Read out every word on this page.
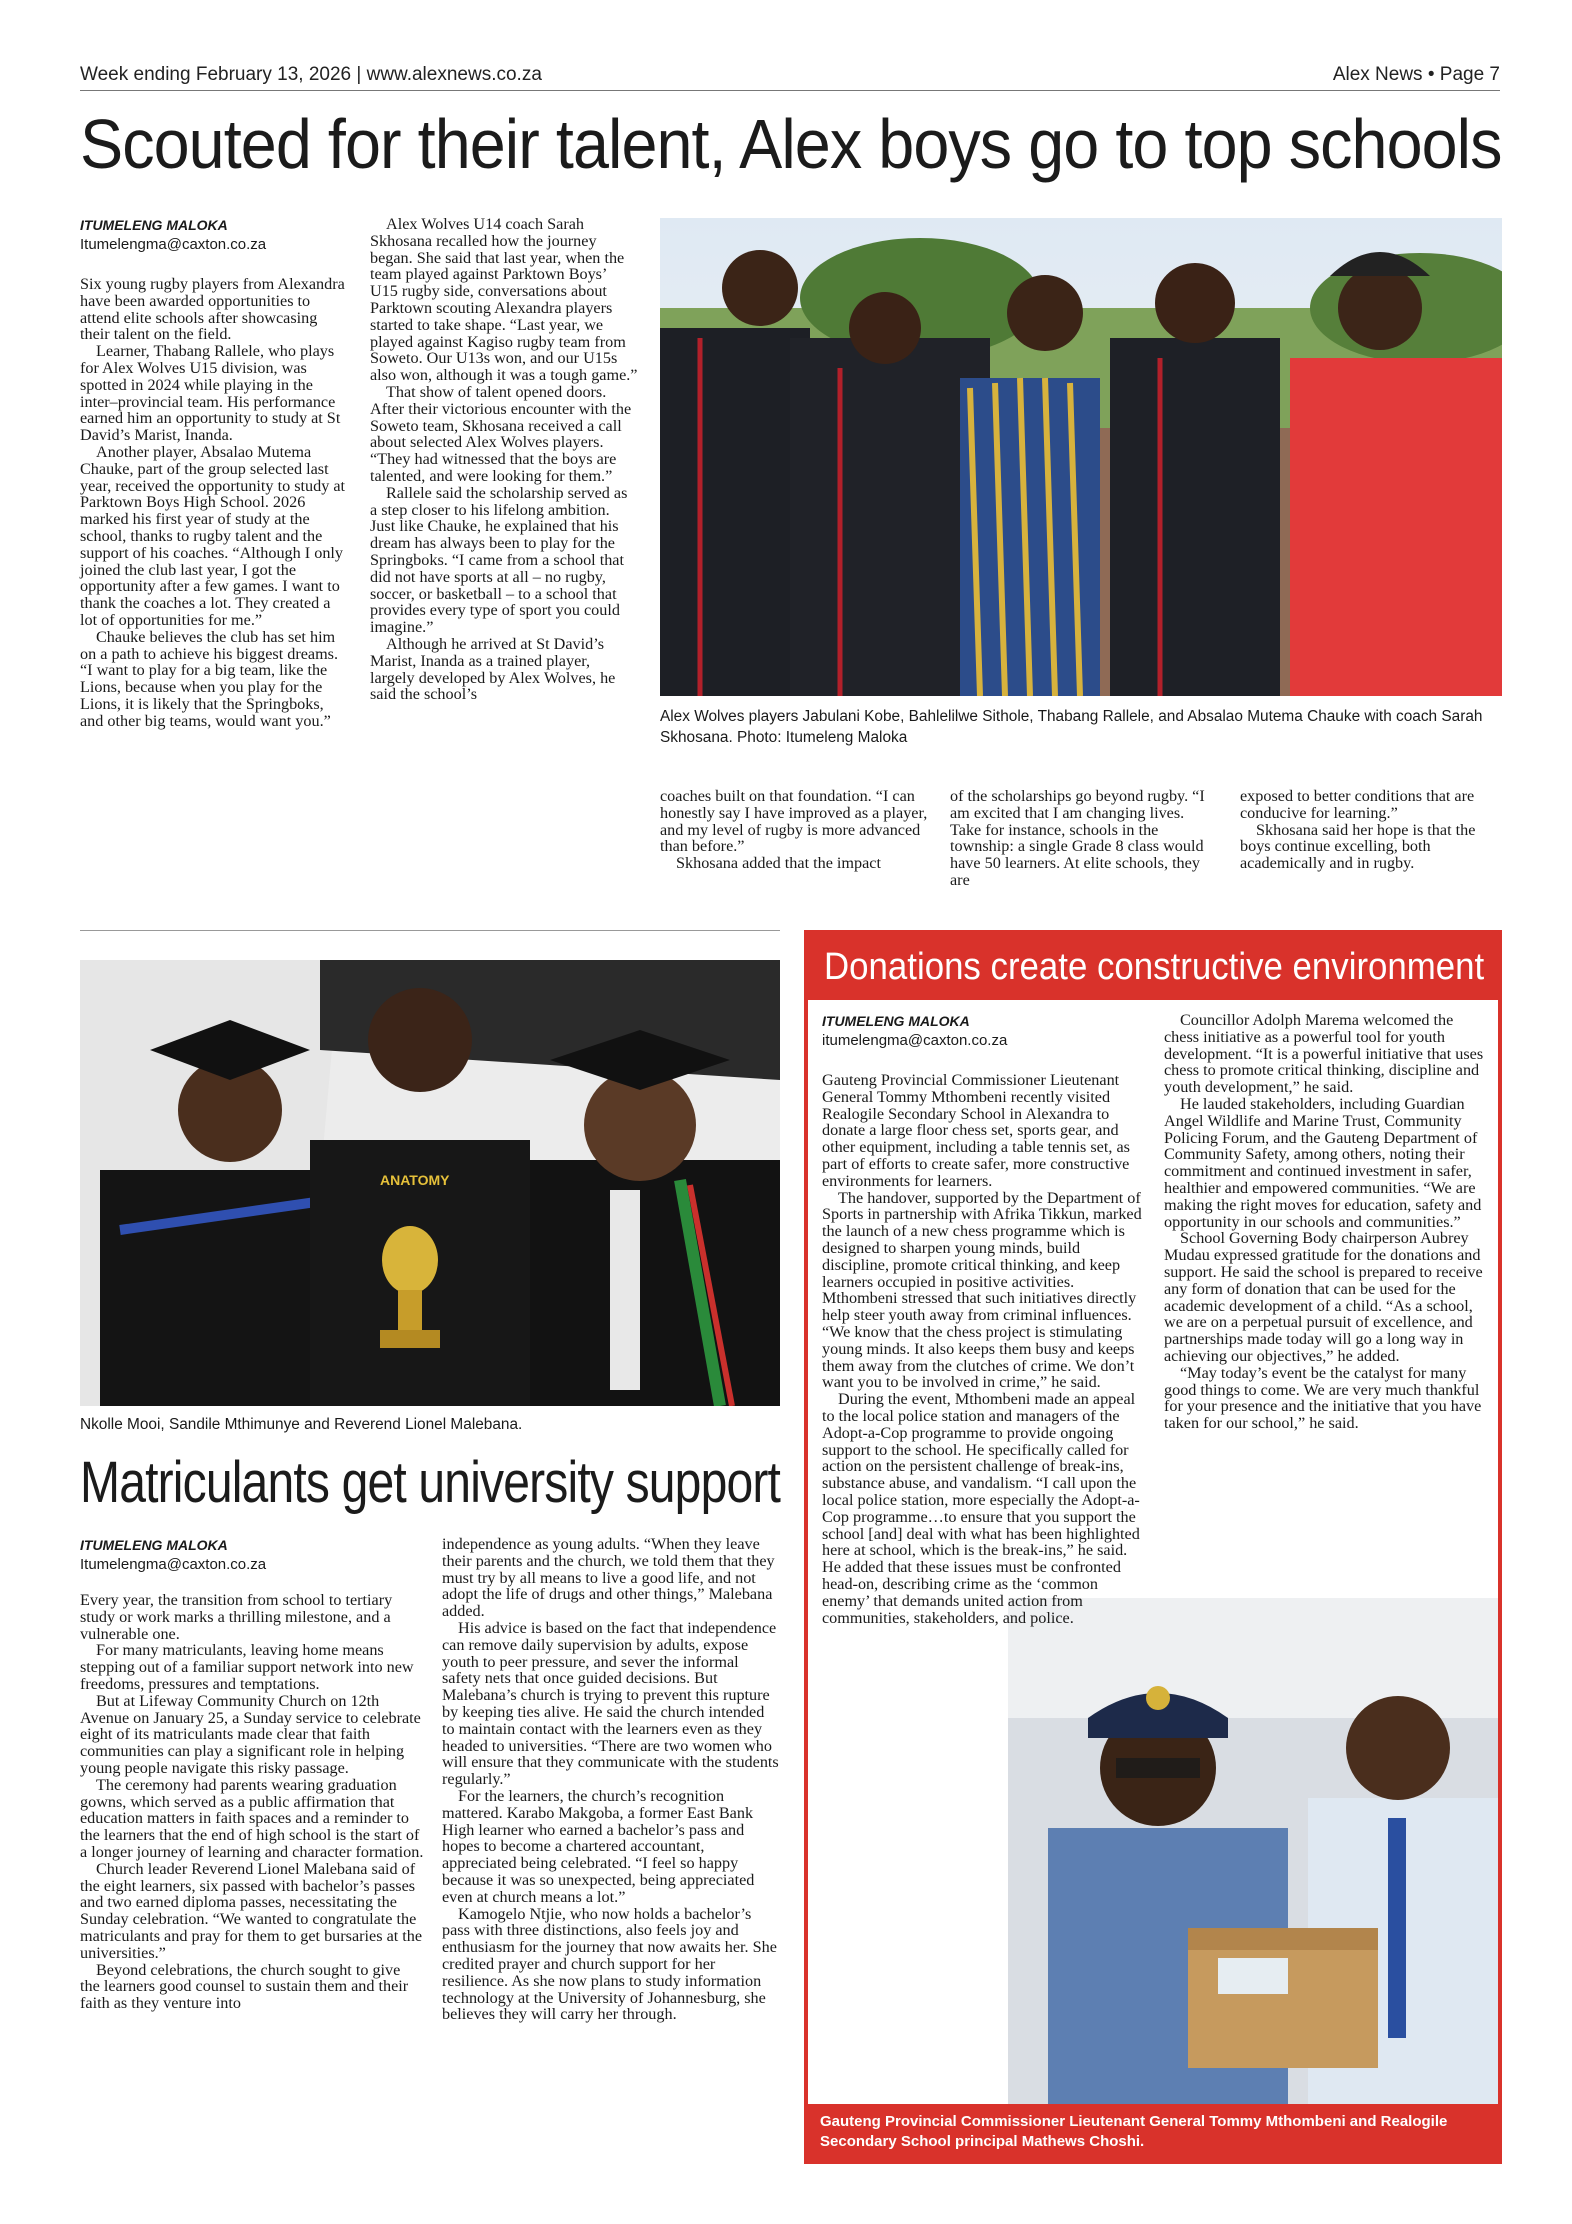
Week ending February 13, 2026 | www.alexnews.co.za	Alex News • Page 7
Scouted for their talent, Alex boys go to top schools
ITUMELENG MALOKA
Itumelengma@caxton.co.za

Six young rugby players from Alexandra have been awarded opportunities to attend elite schools after showcasing their talent on the field.

Learner, Thabang Rallele, who plays for Alex Wolves U15 division, was spotted in 2024 while playing in the inter–provincial team. His performance earned him an opportunity to study at St David’s Marist, Inanda.

Another player, Absalao Mutema Chauke, part of the group selected last year, received the opportunity to study at Parktown Boys High School. 2026 marked his first year of study at the school, thanks to rugby talent and the support of his coaches. “Although I only joined the club last year, I got the opportunity after a few games. I want to thank the coaches a lot. They created a lot of opportunities for me.”

Chauke believes the club has set him on a path to achieve his biggest dreams. “I want to play for a big team, like the Lions, because when you play for the Lions, it is likely that the Springboks, and other big teams, would want you.”

Alex Wolves U14 coach Sarah Skhosana recalled how the journey began. She said that last year, when the team played against Parktown Boys’ U15 rugby side, conversations about Parktown scouting Alexandra players started to take shape. “Last year, we played against Kagiso rugby team from Soweto. Our U13s won, and our U15s also won, although it was a tough game.”

That show of talent opened doors. After their victorious encounter with the Soweto team, Skhosana received a call about selected Alex Wolves players. “They had witnessed that the boys are talented, and were looking for them.”

Rallele said the scholarship served as a step closer to his lifelong ambition. Just like Chauke, he explained that his dream has always been to play for the Springboks. “I came from a school that did not have sports at all – no rugby, soccer, or basketball – to a school that provides every type of sport you could imagine.”

Although he arrived at St David’s Marist, Inanda as a trained player, largely developed by Alex Wolves, he said the school’s

Alex Wolves players Jabulani Kobe, Bahlelilwe Sithole, Thabang Rallele, and Absalao Mutema Chauke with coach Sarah Skhosana. Photo: Itumeleng Maloka

coaches built on that foundation. “I can honestly say I have improved as a player, and my level of rugby is more advanced than before.”

Skhosana added that the impact

of the scholarships go beyond rugby. “I am excited that I am changing lives. Take for instance, schools in the township: a single Grade 8 class would have 50 learners. At elite schools, they are

exposed to better conditions that are conducive for learning.”

Skhosana said her hope is that the boys continue excelling, both academically and in rugby.

ANATOMY
Nkolle Mooi, Sandile Mthimunye and Reverend Lionel Malebana.
Matriculants get university support
ITUMELENG MALOKA
Itumelengma@caxton.co.za

Every year, the transition from school to tertiary study or work marks a thrilling milestone, and a vulnerable one.

For many matriculants, leaving home means stepping out of a familiar support network into new freedoms, pressures and temptations.

But at Lifeway Community Church on 12th Avenue on January 25, a Sunday service to celebrate eight of its matriculants made clear that faith communities can play a significant role in helping young people navigate this risky passage.

The ceremony had parents wearing graduation gowns, which served as a public affirmation that education matters in faith spaces and a reminder to the learners that the end of high school is the start of a longer journey of learning and character formation.

Church leader Reverend Lionel Malebana said of the eight learners, six passed with bachelor’s passes and two earned diploma passes, necessitating the Sunday celebration. “We wanted to congratulate the matriculants and pray for them to get bursaries at the universities.”

Beyond celebrations, the church sought to give the learners good counsel to sustain them and their faith as they venture into

independence as young adults. “When they leave their parents and the church, we told them that they must try by all means to live a good life, and not adopt the life of drugs and other things,” Malebana added.

His advice is based on the fact that independence can remove daily supervision by adults, expose youth to peer pressure, and sever the informal safety nets that once guided decisions. But Malebana’s church is trying to prevent this rupture by keeping ties alive. He said the church intended to maintain contact with the learners even as they headed to universities. “There are two women who will ensure that they communicate with the students regularly.”

For the learners, the church’s recognition mattered. Karabo Makgoba, a former East Bank High learner who earned a bachelor’s pass and hopes to become a chartered accountant, appreciated being celebrated. “I feel so happy because it was so unexpected, being appreciated even at church means a lot.”

Kamogelo Ntjie, who now holds a bachelor’s pass with three distinctions, also feels joy and enthusiasm for the journey that now awaits her. She credited prayer and church support for her resilience. As she now plans to study information technology at the University of Johannesburg, she believes they will carry her through.

Donations create constructive environment
ITUMELENG MALOKA
itumelengma@caxton.co.za

Gauteng Provincial Commissioner Lieutenant General Tommy Mthombeni recently visited Realogile Secondary School in Alexandra to donate a large floor chess set, sports gear, and other equipment, including a table tennis set, as part of efforts to create safer, more constructive environments for learners.

The handover, supported by the Department of Sports in partnership with Afrika Tikkun, marked the launch of a new chess programme which is designed to sharpen young minds, build discipline, promote critical thinking, and keep learners occupied in positive activities. Mthombeni stressed that such initiatives directly help steer youth away from criminal influences. “We know that the chess project is stimulating young minds. It also keeps them busy and keeps them away from the clutches of crime. We don’t want you to be involved in crime,” he said.

During the event, Mthombeni made an appeal to the local police station and managers of the Adopt-a-Cop programme to provide ongoing support to the school. He specifically called for action on the persistent challenge of break-ins, substance abuse, and vandalism. “I call upon the local police station, more especially the Adopt-a-Cop programme…to ensure that you support the school [and] deal with what has been highlighted here at school, which is the break-ins,” he said. He added that these issues must be confronted head-on, describing crime as the ‘common enemy’ that demands united action from communities, stakeholders, and police.

Councillor Adolph Marema welcomed the chess initiative as a powerful tool for youth development. “It is a powerful initiative that uses chess to promote critical thinking, discipline and youth development,” he said.

He lauded stakeholders, including Guardian Angel Wildlife and Marine Trust, Community Policing Forum, and the Gauteng Department of Community Safety, among others, noting their commitment and continued investment in safer, healthier and empowered communities. “We are making the right moves for education, safety and opportunity in our schools and communities.”

School Governing Body chairperson Aubrey Mudau expressed gratitude for the donations and support. He said the school is prepared to receive any form of donation that can be used for the academic development of a child. “As a school, we are on a perpetual pursuit of excellence, and partnerships made today will go a long way in achieving our objectives,” he added.

“May today’s event be the catalyst for many good things to come. We are very much thankful for your presence and the initiative that you have taken for our school,” he said.

Gauteng Provincial Commissioner Lieutenant General Tommy Mthombeni and Realogile Secondary School principal Mathews Choshi.
